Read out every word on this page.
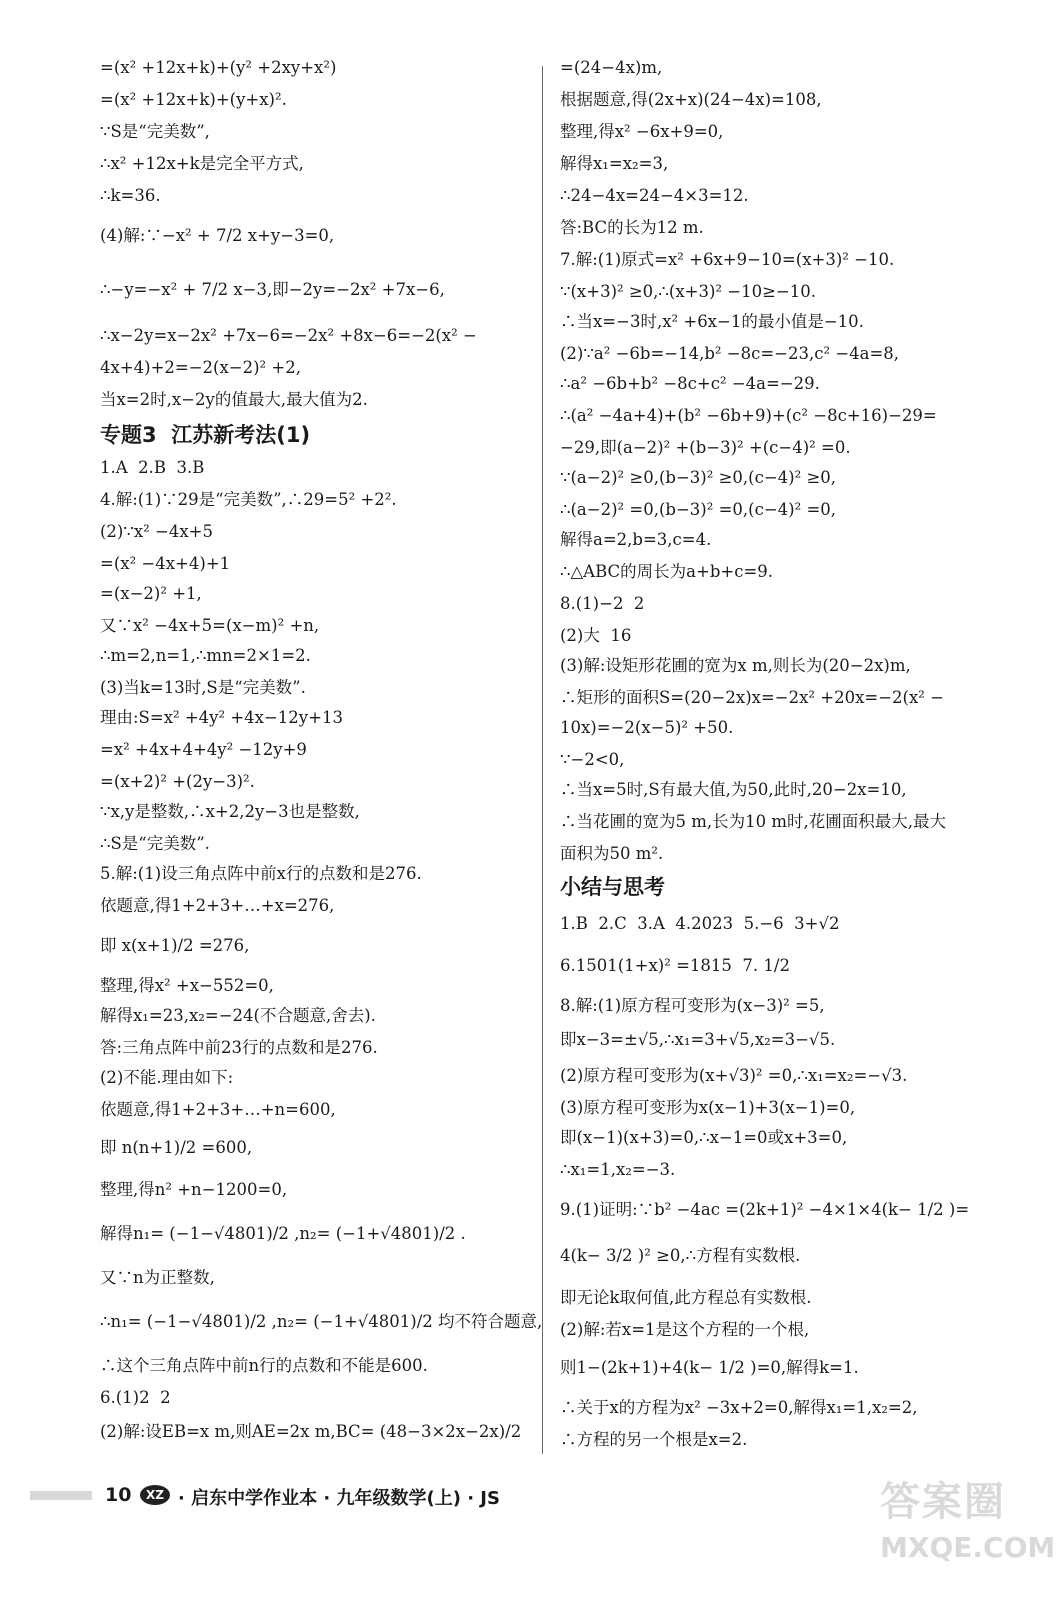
=(x² +12x+k)+(y² +2xy+x²)
=(x² +12x+k)+(y+x)².
∵S是“完美数”,
∴x² +12x+k是完全平方式,
∴k=36.
(4)解:∵−x² + 7/2 x+y−3=0,
∴−y=−x² + 7/2 x−3,即−2y=−2x² +7x−6,
∴x−2y=x−2x² +7x−6=−2x² +8x−6=−2(x² −
4x+4)+2=−2(x−2)² +2,
当x=2时,x−2y的值最大,最大值为2.
专题3  江苏新考法(1)
1.A  2.B  3.B
4.解:(1)∵29是“完美数”,∴29=5² +2².
(2)∵x² −4x+5
=(x² −4x+4)+1
=(x−2)² +1,
又∵x² −4x+5=(x−m)² +n,
∴m=2,n=1,∴mn=2×1=2.
(3)当k=13时,S是“完美数”.
理由:S=x² +4y² +4x−12y+13
=x² +4x+4+4y² −12y+9
=(x+2)² +(2y−3)².
∵x,y是整数,∴x+2,2y−3也是整数,
∴S是“完美数”.
5.解:(1)设三角点阵中前x行的点数和是276.
依题意,得1+2+3+…+x=276,
即 x(x+1)/2 =276,
整理,得x² +x−552=0,
解得x₁=23,x₂=−24(不合题意,舍去).
答:三角点阵中前23行的点数和是276.
(2)不能.理由如下:
依题意,得1+2+3+…+n=600,
即 n(n+1)/2 =600,
整理,得n² +n−1200=0,
解得n₁= (−1−√4801)/2 ,n₂= (−1+√4801)/2 .
又∵n为正整数,
∴n₁= (−1−√4801)/2 ,n₂= (−1+√4801)/2 均不符合题意,
∴这个三角点阵中前n行的点数和不能是600.
6.(1)2  2
(2)解:设EB=x m,则AE=2x m,BC= (48−3×2x−2x)/2
=(24−4x)m,
根据题意,得(2x+x)(24−4x)=108,
整理,得x² −6x+9=0,
解得x₁=x₂=3,
∴24−4x=24−4×3=12.
答:BC的长为12 m.
7.解:(1)原式=x² +6x+9−10=(x+3)² −10.
∵(x+3)² ≥0,∴(x+3)² −10≥−10.
∴当x=−3时,x² +6x−1的最小值是−10.
(2)∵a² −6b=−14,b² −8c=−23,c² −4a=8,
∴a² −6b+b² −8c+c² −4a=−29.
∴(a² −4a+4)+(b² −6b+9)+(c² −8c+16)−29=
−29,即(a−2)² +(b−3)² +(c−4)² =0.
∵(a−2)² ≥0,(b−3)² ≥0,(c−4)² ≥0,
∴(a−2)² =0,(b−3)² =0,(c−4)² =0,
解得a=2,b=3,c=4.
∴△ABC的周长为a+b+c=9.
8.(1)−2  2
(2)大  16
(3)解:设矩形花圃的宽为x m,则长为(20−2x)m,
∴矩形的面积S=(20−2x)x=−2x² +20x=−2(x² −
10x)=−2(x−5)² +50.
∵−2<0,
∴当x=5时,S有最大值,为50,此时,20−2x=10,
∴当花圃的宽为5 m,长为10 m时,花圃面积最大,最大
面积为50 m².
小结与思考
1.B  2.C  3.A  4.2023  5.−6  3+√2
6.1501(1+x)² =1815  7. 1/2
8.解:(1)原方程可变形为(x−3)² =5,
即x−3=±√5,∴x₁=3+√5,x₂=3−√5.
(2)原方程可变形为(x+√3)² =0,∴x₁=x₂=−√3.
(3)原方程可变形为x(x−1)+3(x−1)=0,
即(x−1)(x+3)=0,∴x−1=0或x+3=0,
∴x₁=1,x₂=−3.
9.(1)证明:∵b² −4ac =(2k+1)² −4×1×4(k− 1/2 )=
4(k− 3/2 )² ≥0,∴方程有实数根.
即无论k取何值,此方程总有实数根.
(2)解:若x=1是这个方程的一个根,
则1−(2k+1)+4(k− 1/2 )=0,解得k=1.
∴关于x的方程为x² −3x+2=0,解得x₁=1,x₂=2,
∴方程的另一个根是x=2.
10	XZ · 启东中学作业本 · 九年级数学(上) · JS	答案圈
MXQE.COM
